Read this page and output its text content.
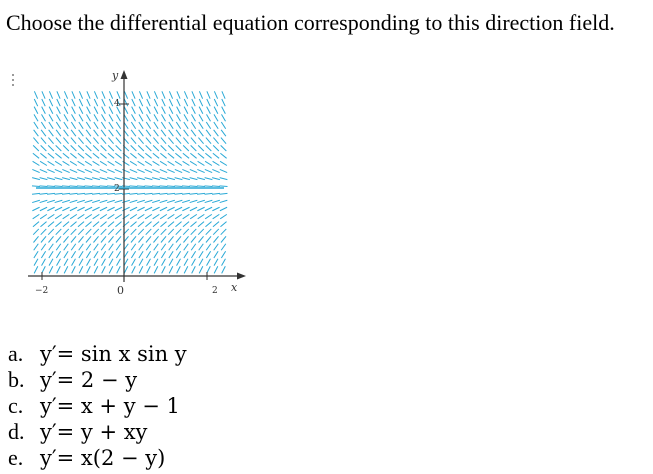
Choose the differential equation corresponding to this direction field.
y
4
2
−2	0	2 x
a. y′= sin x sin y
b. y′= 2 − y
c. y′= x + y − 1
d. y′= y + xy
e. y′= x(2 − y)
